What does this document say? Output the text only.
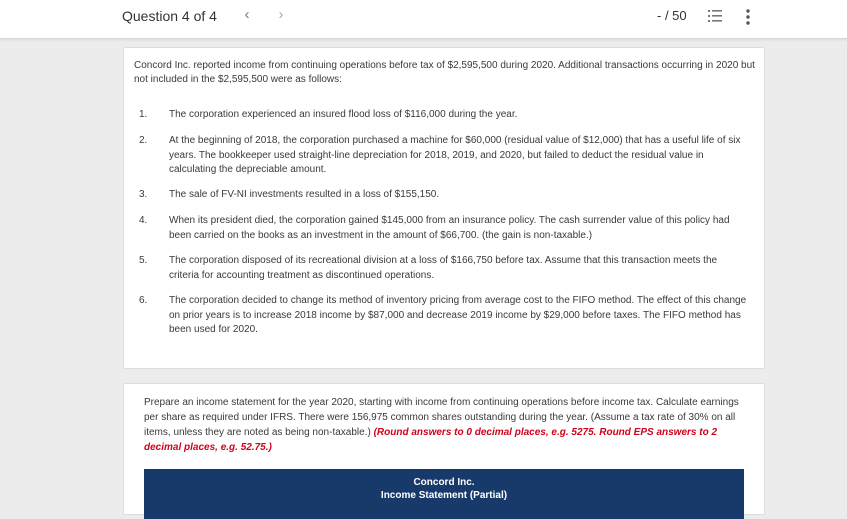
Question 4 of 4	‹	›	- / 50
Concord Inc. reported income from continuing operations before tax of $2,595,500 during 2020. Additional transactions occurring in 2020 but not included in the $2,595,500 were as follows:
1. The corporation experienced an insured flood loss of $116,000 during the year.
2. At the beginning of 2018, the corporation purchased a machine for $60,000 (residual value of $12,000) that has a useful life of six years. The bookkeeper used straight-line depreciation for 2018, 2019, and 2020, but failed to deduct the residual value in calculating the depreciable amount.
3. The sale of FV-NI investments resulted in a loss of $155,150.
4. When its president died, the corporation gained $145,000 from an insurance policy. The cash surrender value of this policy had been carried on the books as an investment in the amount of $66,700. (the gain is non-taxable.)
5. The corporation disposed of its recreational division at a loss of $166,750 before tax. Assume that this transaction meets the criteria for accounting treatment as discontinued operations.
6. The corporation decided to change its method of inventory pricing from average cost to the FIFO method. The effect of this change on prior years is to increase 2018 income by $87,000 and decrease 2019 income by $29,000 before taxes. The FIFO method has been used for 2020.
Prepare an income statement for the year 2020, starting with income from continuing operations before income tax. Calculate earnings per share as required under IFRS. There were 156,975 common shares outstanding during the year. (Assume a tax rate of 30% on all items, unless they are noted as being non-taxable.) (Round answers to 0 decimal places, e.g. 5275. Round EPS answers to 2 decimal places, e.g. 52.75.)
Concord Inc.
Income Statement (Partial)
